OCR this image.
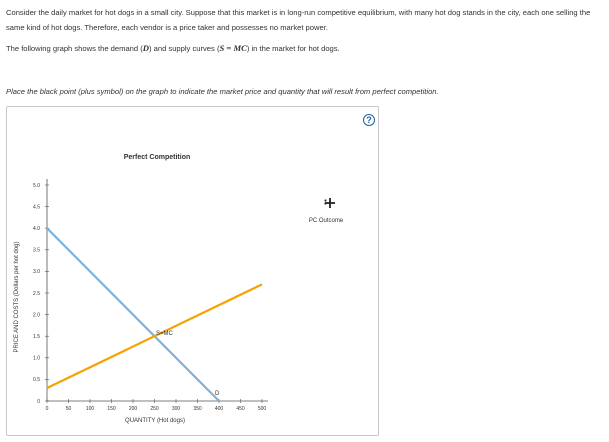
Consider the daily market for hot dogs in a small city. Suppose that this market is in long-run competitive equilibrium, with many hot dog stands in the city, each one selling the same kind of hot dogs. Therefore, each vendor is a price taker and possesses no market power.

The following graph shows the demand (D) and supply curves (S = MC) in the market for hot dogs.

Place the black point (plus symbol) on the graph to indicate the market price and quantity that will result from perfect competition.
?
Perfect Competition
0	50	100	150	200	250	300	350	400	450	500
0
0.5
1.0
1.5
2.0
2.5
3.0
3.5
4.0
4.5
5.0
D
S=MC
PRICE AND COSTS (Dollars per hot dog)
QUANTITY (Hot dogs)
PC Outcome
